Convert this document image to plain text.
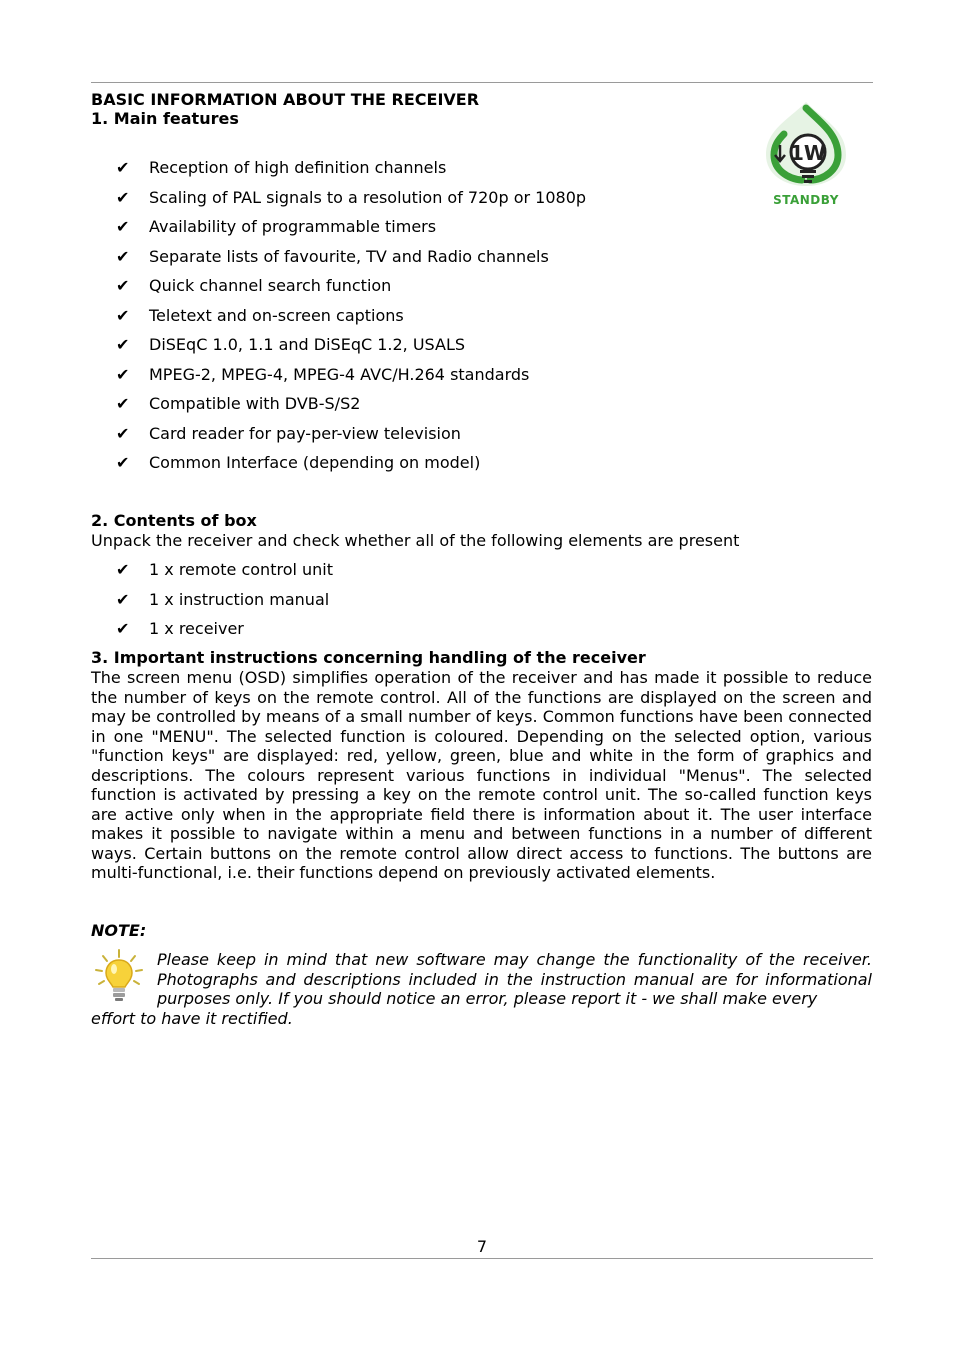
BASIC INFORMATION ABOUT THE RECEIVER
1. Main features
1W
STANDBY
✔ Reception of high definition channels
✔ Scaling of PAL signals to a resolution of 720p or 1080p
✔ Availability of programmable timers
✔ Separate lists of favourite, TV and Radio channels
✔ Quick channel search function
✔ Teletext and on-screen captions
✔ DiSEqC 1.0, 1.1 and DiSEqC 1.2, USALS
✔ MPEG-2, MPEG-4, MPEG-4 AVC/H.264 standards
✔ Compatible with DVB-S/S2
✔ Card reader for pay-per-view television
✔ Common Interface (depending on model)
2. Contents of box
Unpack the receiver and check whether all of the following elements are present
✔ 1 x remote control unit
✔ 1 x instruction manual
✔ 1 x receiver
3. Important instructions concerning handling of the receiver

The screen menu (OSD) simplifies operation of the receiver and has made it possible to reduce the number of keys on the remote control. All of the functions are displayed on the screen and may be controlled by means of a small number of keys. Common functions have been connected in one "MENU". The selected function is coloured. Depending on the selected option, various "function keys" are displayed: red, yellow, green, blue and white in the form of graphics and descriptions. The colours represent various functions in individual "Menus". The selected function is activated by pressing a key on the remote control unit. The so-called function keys are active only when in the appropriate field there is information about it. The user interface makes it possible to navigate within a menu and between functions in a number of different ways. Certain buttons on the remote control allow direct access to functions. The buttons are multi-functional, i.e. their functions depend on previously activated elements.

NOTE:

Please keep in mind that new software may change the functionality of the receiver.
Photographs and descriptions included in the instruction manual are for informational
purposes only. If you should notice an error, please report it - we shall make every
effort to have it rectified.

7
